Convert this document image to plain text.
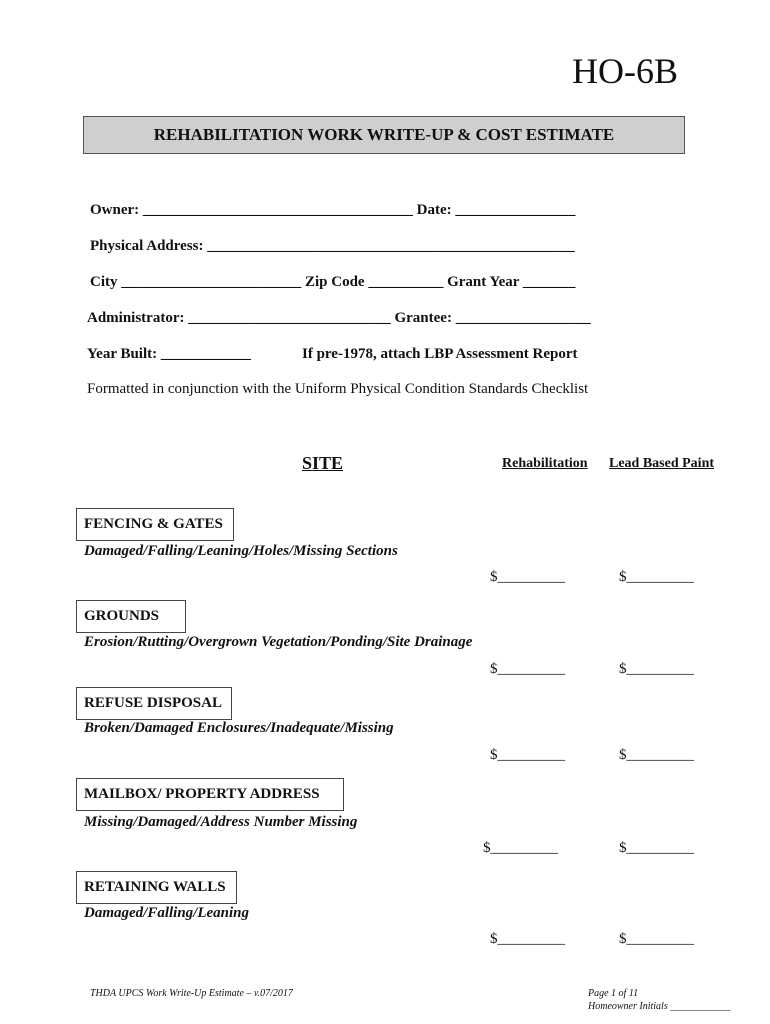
HO-6B
REHABILITATION WORK WRITE-UP & COST ESTIMATE
Owner: ____________________________________ Date: ________________
Physical Address: _________________________________________________
City ________________________ Zip Code __________ Grant Year _______
Administrator: ___________________________ Grantee: __________________
Year Built: ____________	If pre-1978, attach LBP Assessment Report
Formatted in conjunction with the Uniform Physical Condition Standards Checklist
SITE	Rehabilitation Lead Based Paint
FENCING & GATES
Damaged/Falling/Leaning/Holes/Missing Sections
$_________	$_________
GROUNDS
Erosion/Rutting/Overgrown Vegetation/Ponding/Site Drainage
$_________	$_________
REFUSE DISPOSAL
Broken/Damaged Enclosures/Inadequate/Missing
$_________	$_________
MAILBOX/ PROPERTY ADDRESS
Missing/Damaged/Address Number Missing
$_________	$_________
RETAINING WALLS
Damaged/Falling/Leaning
$_________	$_________
THDA UPCS Work Write-Up Estimate – v.07/2017	Page 1 of 11
Homeowner Initials ____________
